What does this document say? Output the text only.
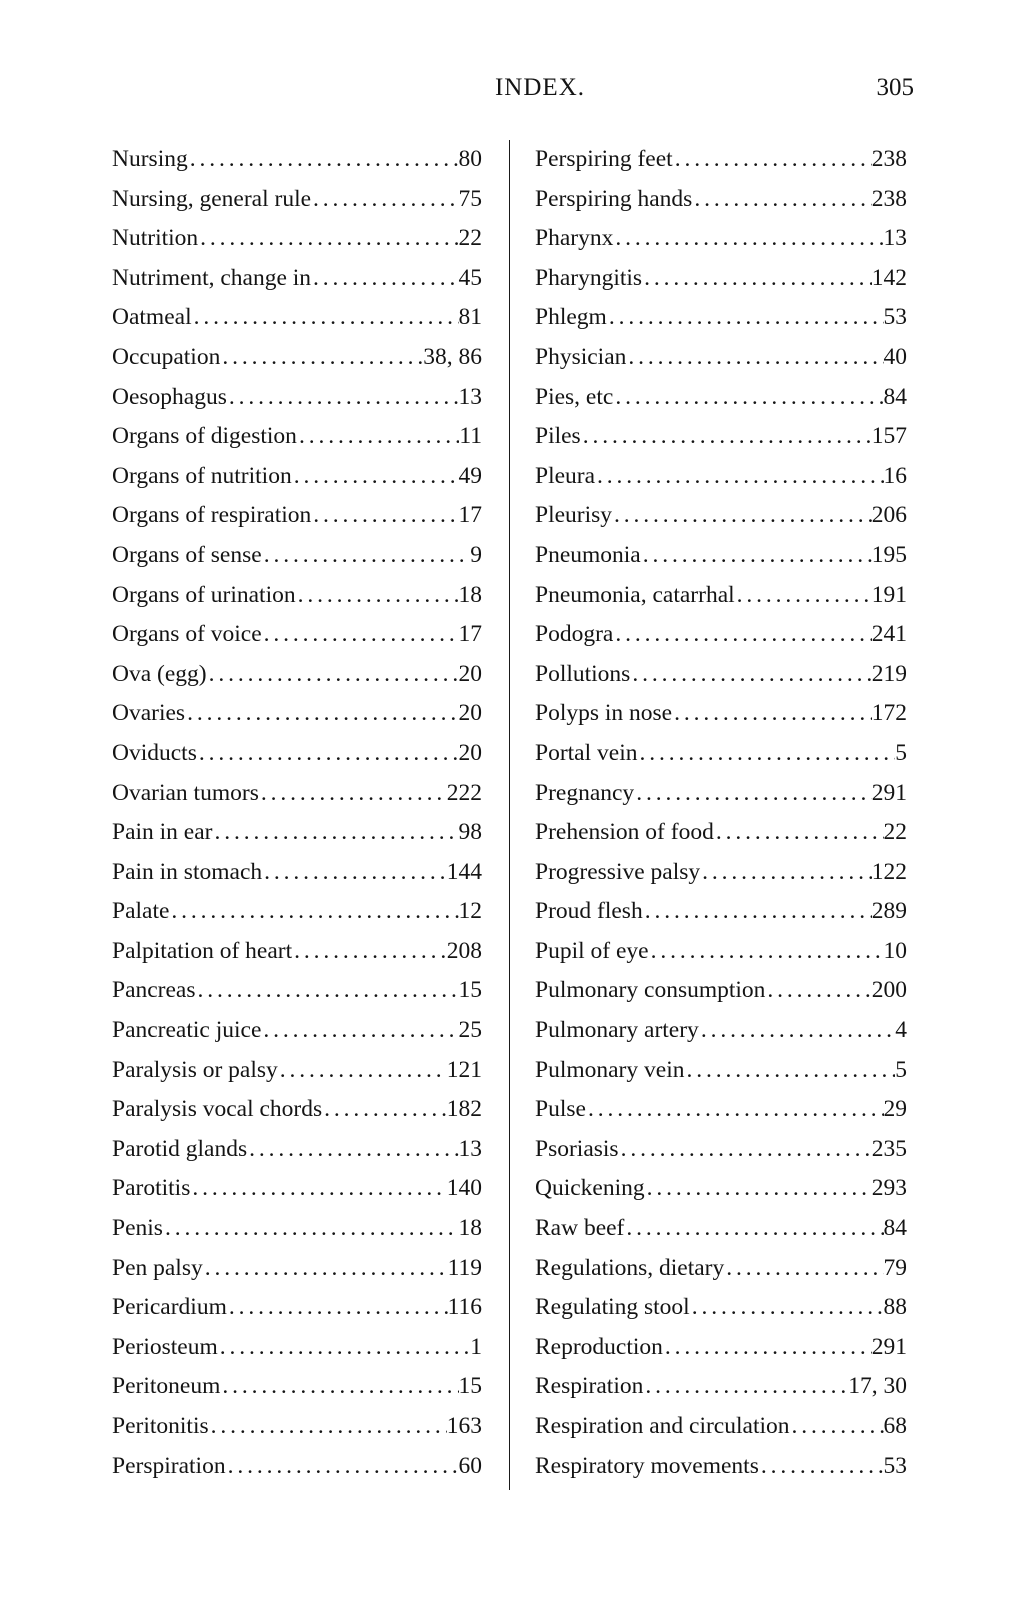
INDEX.	305
Nursing . . .	80
Nursing, general rule . . .	75
Nutrition . . .	22
Nutriment, change in . . .	45
Oatmeal . . .	81
Occupation . . .	38, 86
Oesophagus . . .	13
Organs of digestion . . .	11
Organs of nutrition . . .	49
Organs of respiration . . .	17
Organs of sense . . .	9
Organs of urination . . .	18
Organs of voice . . .	17
Ova (egg) . . .	20
Ovaries . . .	20
Oviducts . . .	20
Ovarian tumors . . .	222
Pain in ear . . .	98
Pain in stomach . . .	144
Palate . . .	12
Palpitation of heart . . .	208
Pancreas . . .	15
Pancreatic juice . . .	25
Paralysis or palsy . . .	121
Paralysis vocal chords . . .	182
Parotid glands . . .	13
Parotitis . . .	140
Penis . . .	18
Pen palsy . . .	119
Pericardium . . .	116
Periosteum . . .	1
Peritoneum . . .	15
Peritonitis . . .	163
Perspiration . . .	60
Perspiring feet . . .	238
Perspiring hands . . .	238
Pharynx . . .	13
Pharyngitis . . .	142
Phlegm . . .	53
Physician . . .	40
Pies, etc . . .	84
Piles . . .	157
Pleura . . .	16
Pleurisy . . .	206
Pneumonia . . .	195
Pneumonia, catarrhal . . .	191
Podogra . . .	241
Pollutions . . .	219
Polyps in nose . . .	172
Portal vein . . .	5
Pregnancy . . .	291
Prehension of food . . .	22
Progressive palsy . . .	122
Proud flesh . . .	289
Pupil of eye . . .	10
Pulmonary consumption . . .	200
Pulmonary artery . . .	4
Pulmonary vein . . .	5
Pulse . . .	29
Psoriasis . . .	235
Quickening . . .	293
Raw beef . . .	84
Regulations, dietary . . .	79
Regulating stool . . .	88
Reproduction . . .	291
Respiration . . .	17, 30
Respiration and circulation . . .	68
Respiratory movements . . .	53
